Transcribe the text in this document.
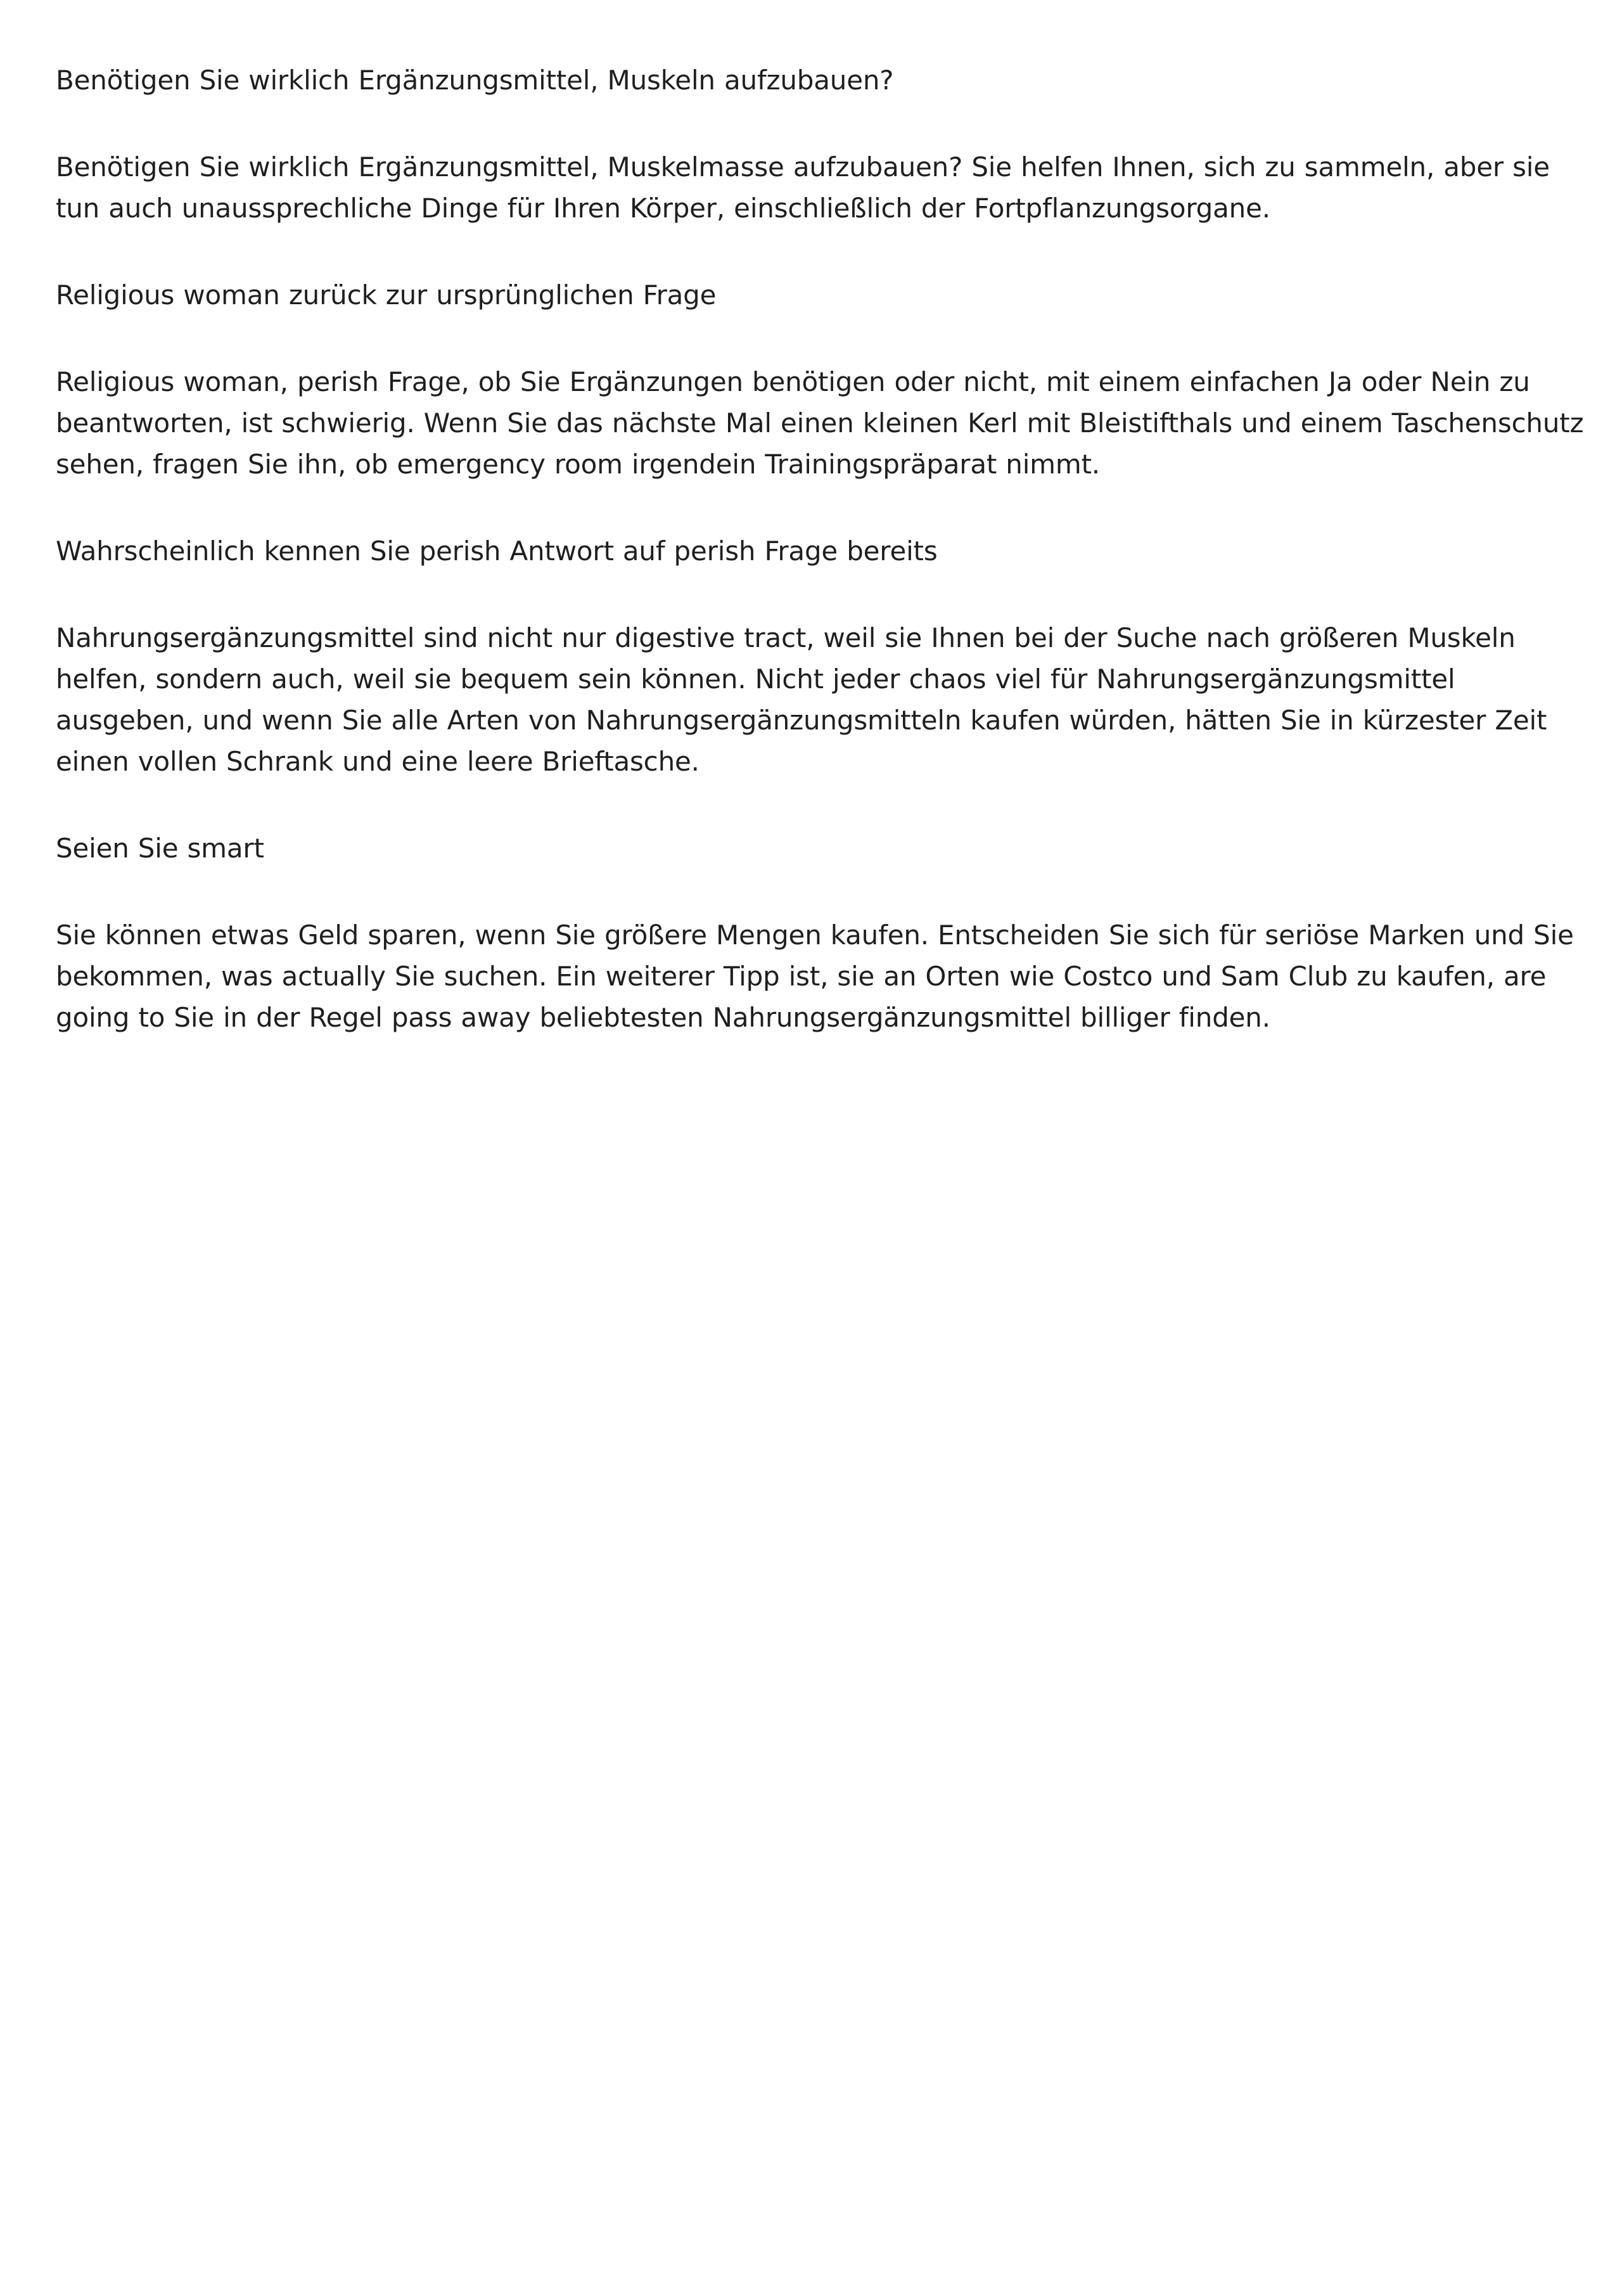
Benötigen Sie wirklich Ergänzungsmittel, Muskeln aufzubauen?

Benötigen Sie wirklich Ergänzungsmittel, Muskelmasse aufzubauen? Sie helfen Ihnen, sich zu sammeln, aber sie tun auch unaussprechliche Dinge für Ihren Körper, einschließlich der Fortpflanzungsorgane.

Religious woman zurück zur ursprünglichen Frage

Religious woman, perish Frage, ob Sie Ergänzungen benötigen oder nicht, mit einem einfachen Ja oder Nein zu beantworten, ist schwierig. Wenn Sie das nächste Mal einen kleinen Kerl mit Bleistifthals und einem Taschenschutz sehen, fragen Sie ihn, ob emergency room irgendein Trainingspräparat nimmt.

Wahrscheinlich kennen Sie perish Antwort auf perish Frage bereits

Nahrungsergänzungsmittel sind nicht nur digestive tract, weil sie Ihnen bei der Suche nach größeren Muskeln helfen, sondern auch, weil sie bequem sein können. Nicht jeder chaos viel für Nahrungsergänzungsmittel ausgeben, und wenn Sie alle Arten von Nahrungsergänzungsmitteln kaufen würden, hätten Sie in kürzester Zeit einen vollen Schrank und eine leere Brieftasche.

Seien Sie smart

Sie können etwas Geld sparen, wenn Sie größere Mengen kaufen. Entscheiden Sie sich für seriöse Marken und Sie bekommen, was actually Sie suchen. Ein weiterer Tipp ist, sie an Orten wie Costco und Sam Club zu kaufen, are going to Sie in der Regel pass away beliebtesten Nahrungsergänzungsmittel billiger finden.
